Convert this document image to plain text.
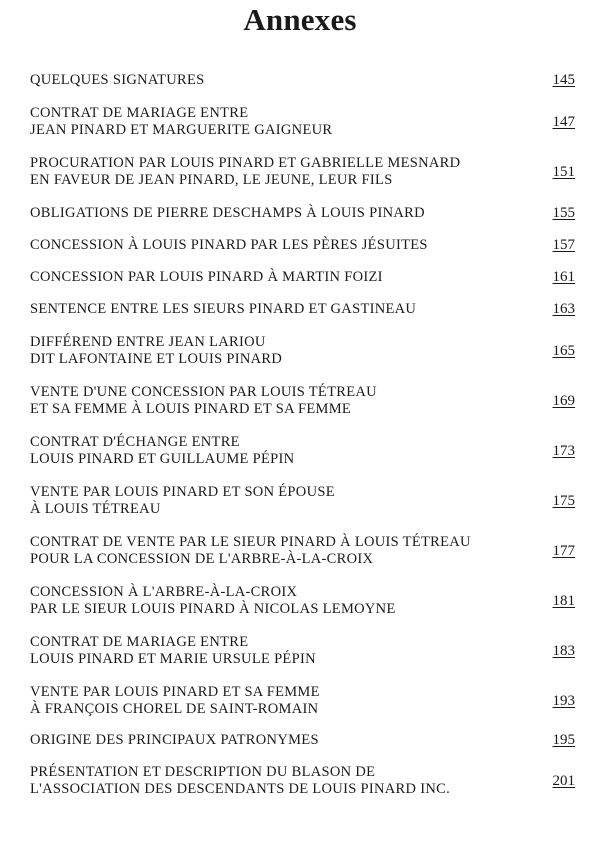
Annexes
QUELQUES SIGNATURES	145
CONTRAT DE MARIAGE ENTRE
JEAN PINARD ET MARGUERITE GAIGNEUR	147
PROCURATION PAR LOUIS PINARD ET GABRIELLE MESNARD
EN FAVEUR DE JEAN PINARD, LE JEUNE, LEUR FILS	151
OBLIGATIONS DE PIERRE DESCHAMPS À LOUIS PINARD	155
CONCESSION À LOUIS PINARD PAR LES PÈRES JÉSUITES	157
CONCESSION PAR LOUIS PINARD À MARTIN FOIZI	161
SENTENCE ENTRE LES SIEURS PINARD ET GASTINEAU	163
DIFFÉREND ENTRE JEAN LARIOU
DIT LAFONTAINE ET LOUIS PINARD	165
VENTE D'UNE CONCESSION PAR LOUIS TÉTREAU
ET SA FEMME À LOUIS PINARD ET SA FEMME	169
CONTRAT D'ÉCHANGE ENTRE
LOUIS PINARD ET GUILLAUME PÉPIN	173
VENTE PAR LOUIS PINARD ET SON ÉPOUSE
À LOUIS TÉTREAU	175
CONTRAT DE VENTE PAR LE SIEUR PINARD À LOUIS TÉTREAU
POUR LA CONCESSION DE L'ARBRE-À-LA-CROIX	177
CONCESSION À L'ARBRE-À-LA-CROIX
PAR LE SIEUR LOUIS PINARD À NICOLAS LEMOYNE	181
CONTRAT DE MARIAGE ENTRE
LOUIS PINARD ET MARIE URSULE PÉPIN	183
VENTE PAR LOUIS PINARD ET SA FEMME
À FRANÇOIS CHOREL DE SAINT-ROMAIN	193
ORIGINE DES PRINCIPAUX PATRONYMES	195
PRÉSENTATION ET DESCRIPTION DU BLASON DE
L'ASSOCIATION DES DESCENDANTS DE LOUIS PINARD INC.	201
